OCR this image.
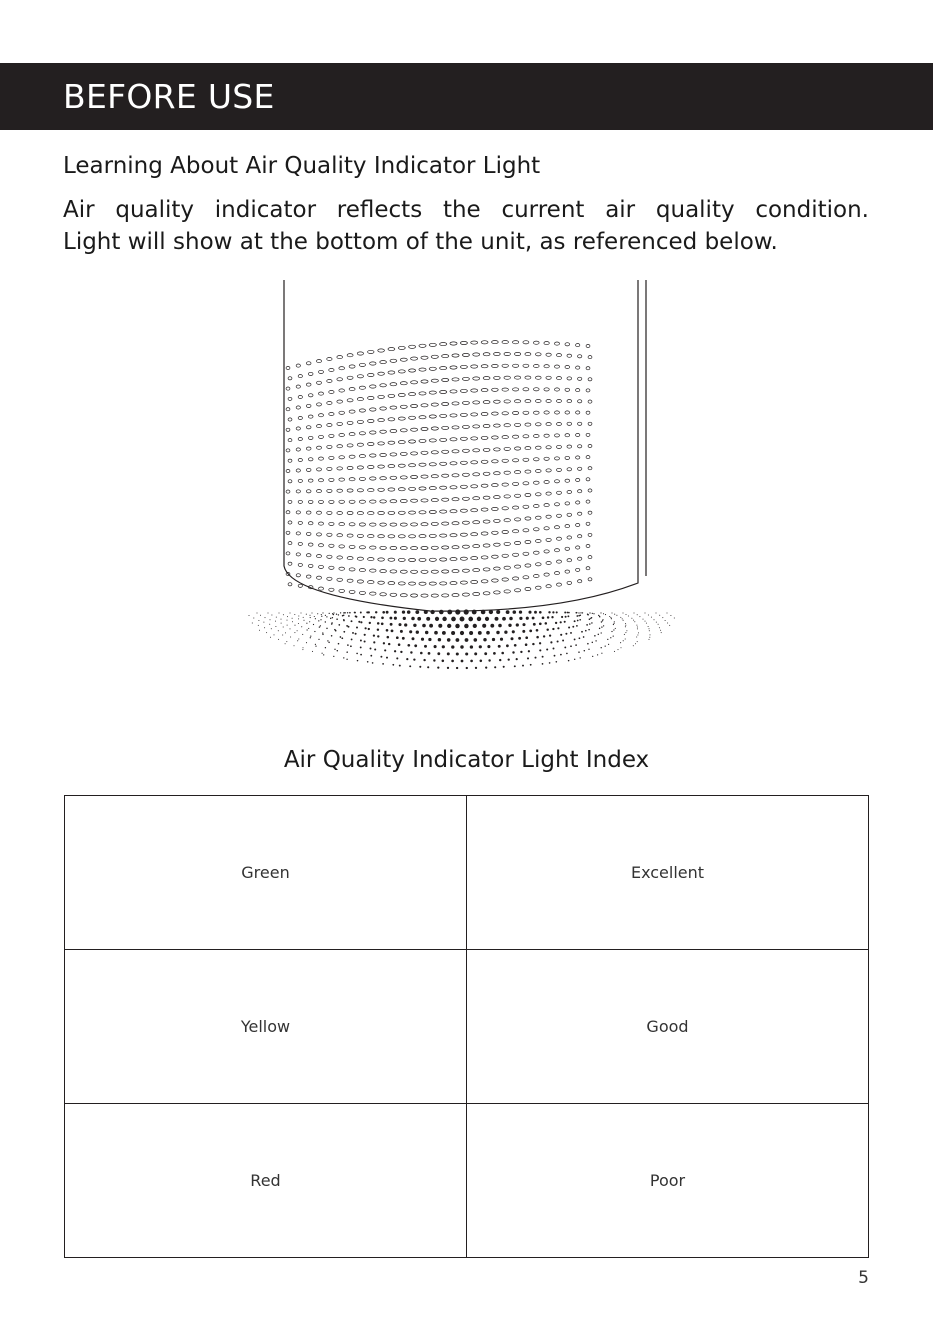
BEFORE USE
Learning About Air Quality Indicator Light
Air quality indicator reflects the current air quality condition.
Light will show at the bottom of the unit, as referenced below.
Air Quality Indicator Light Index
Green	Excellent
Yellow	Good
Red	Poor
5
